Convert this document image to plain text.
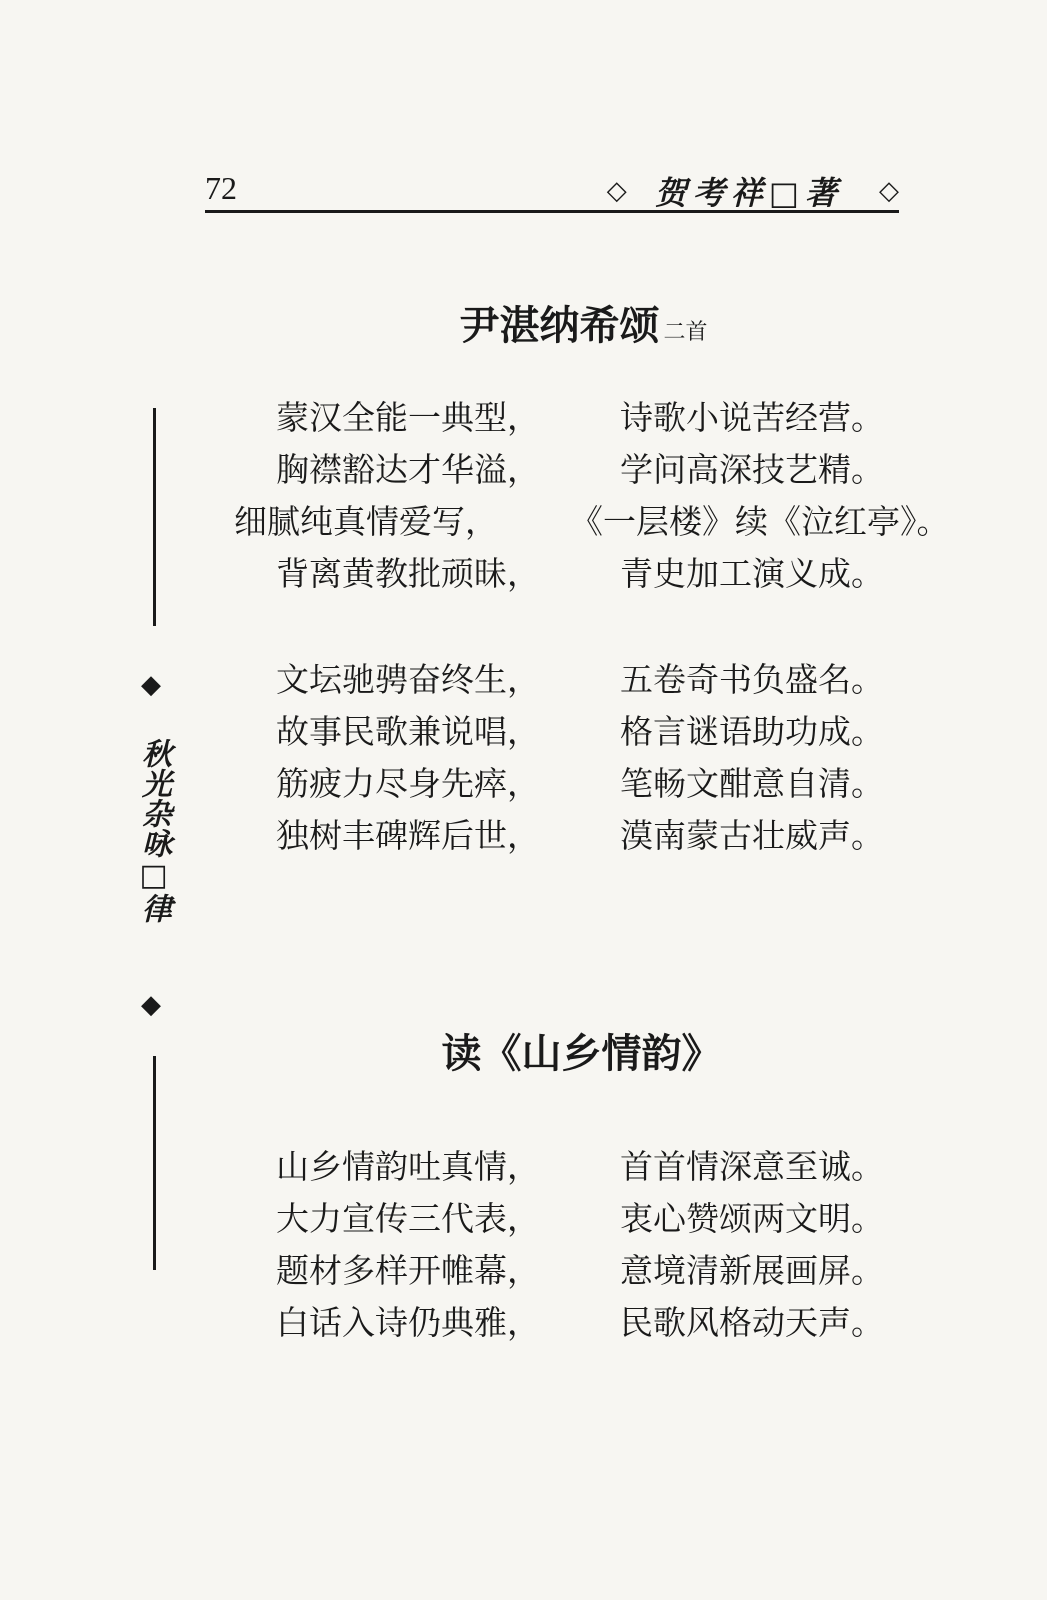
72	◇ 贺考祥□著 ◇
◆
秋光杂咏□律
◆
尹湛纳希颂 二首
蒙汉全能一典型， 诗歌小说苦经营。
胸襟豁达才华溢， 学问高深技艺精。
细腻纯真情爱写， 《一层楼》续《泣红亭》。
背离黄教批顽昧， 青史加工演义成。
文坛驰骋奋终生， 五卷奇书负盛名。
故事民歌兼说唱， 格言谜语助功成。
筋疲力尽身先瘁， 笔畅文酣意自清。
独树丰碑辉后世， 漠南蒙古壮威声。
读《山乡情韵》
山乡情韵吐真情， 首首情深意至诚。
大力宣传三代表， 衷心赞颂两文明。
题材多样开帷幕， 意境清新展画屏。
白话入诗仍典雅， 民歌风格动天声。
